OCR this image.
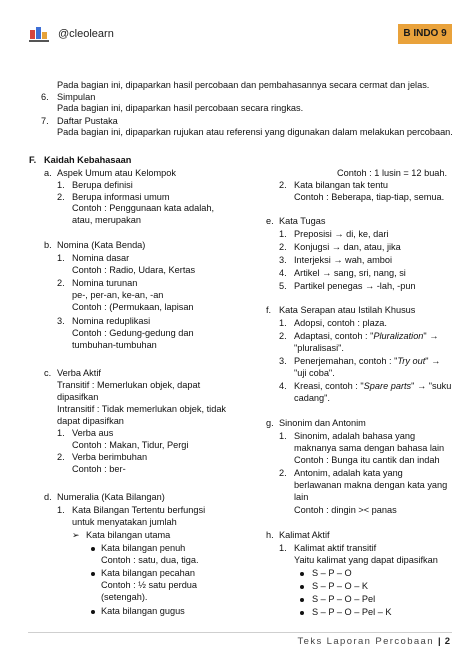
@cleolearn	B INDO 9
Pada bagian ini, dipaparkan hasil percobaan dan pembahasannya secara cermat dan jelas.
6. Simpulan
Pada bagian ini, dipaparkan hasil percobaan secara ringkas.
7. Daftar Pustaka
Pada bagian ini, dipaparkan rujukan atau referensi yang digunakan dalam melakukan percobaan.
F. Kaidah Kebahasaan
a. Aspek Umum atau Kelompok
1. Berupa definisi
2. Berupa informasi umum
Contoh : Penggunaan kata adalah,
atau, merupakan
b. Nomina (Kata Benda)
1. Nomina dasar
Contoh : Radio, Udara, Kertas
2. Nomina turunan
pe-, per-an, ke-an, -an
Contoh : (Permukaan, lapisan
3. Nomina reduplikasi
Contoh : Gedung-gedung dan
tumbuhan-tumbuhan
c. Verba Aktif
Transitif : Memerlukan objek, dapat
dipasifkan
Intransitif : Tidak memerlukan objek, tidak
dapat dipasifkan
1. Verba aus
Contoh : Makan, Tidur, Pergi
2. Verba berimbuhan
Contoh : ber-
d. Numeralia (Kata Bilangan)
1. Kata Bilangan Tertentu berfungsi
untuk menyatakan jumlah
➢ Kata bilangan utama
Kata bilangan penuh
Contoh : satu, dua, tiga.
Kata bilangan pecahan
Contoh : ½ satu perdua
(setengah).
Kata bilangan gugus
Contoh : 1 lusin = 12 buah.
2. Kata bilangan tak tentu
Contoh : Beberapa, tiap-tiap, semua.
e. Kata Tugas
1. Preposisi → di, ke, dari
2. Konjugsi → dan, atau, jika
3. Interjeksi → wah, amboi
4. Artikel → sang, sri, nang, si
5. Partikel penegas → -lah, -pun
f. Kata Serapan atau Istilah Khusus
1. Adopsi, contoh : plaza.
2. Adaptasi, contoh : "Pluralization" →
"pluralisasi".
3. Penerjemahan, contoh : "Try out" →
"uji coba".
4. Kreasi, contoh : "Spare parts" → "suku
cadang".
g. Sinonim dan Antonim
1. Sinonim, adalah bahasa yang
maknanya sama dengan bahasa lain
Contoh : Bunga itu cantik dan indah
2. Antonim, adalah kata yang
berlawanan makna dengan kata yang
lain
Contoh : dingin >< panas
h. Kalimat Aktif
1. Kalimat aktif transitif
Yaitu kalimat yang dapat dipasifkan
S – P – O
S – P – O – K
S – P – O – Pel
S – P – O – Pel – K
Teks Laporan Percobaan | 2
